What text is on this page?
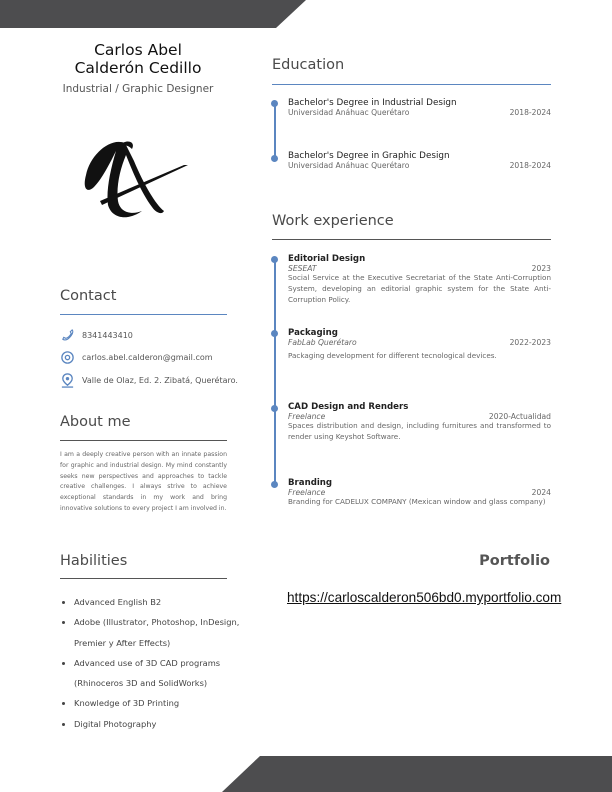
Carlos Abel
Calderón Cedillo
Industrial / Graphic Designer
Contact
8341443410
carlos.abel.calderon@gmail.com
Valle de Olaz, Ed. 2. Zibatá, Querétaro.
About me
I am a deeply creative person with an innate passion for graphic and industrial design. My mind constantly seeks new perspectives and approaches to tackle creative challenges. I always strive to achieve exceptional standards in my work and bring innovative solutions to every project I am involved in.
Habilities
• Advanced English B2
• Adobe (Illustrator, Photoshop, InDesign, Premier y After Effects)
• Advanced use of 3D CAD programs (Rhinoceros 3D and SolidWorks)
• Knowledge of 3D Printing
• Digital Photography
Education
Bachelor's Degree in Industrial Design
Universidad Anáhuac Querétaro	2018-2024
Bachelor's Degree in Graphic Design
Universidad Anáhuac Querétaro	2018-2024
Work experience
Editorial Design
SESEAT	2023
Social Service at the Executive Secretariat of the State Anti-Corruption System, developing an editorial graphic system for the State Anti-Corruption Policy.
Packaging
FabLab Querétaro	2022-2023
Packaging development for different tecnological devices.
CAD Design and Renders
Freelance	2020-Actualidad
Spaces distribution and design, including furnitures and transformed to render using Keyshot Software.
Branding
Freelance	2024
Branding for CADELUX COMPANY (Mexican window and glass company)
Portfolio
https://carloscalderon506bd0.myportfolio.com
